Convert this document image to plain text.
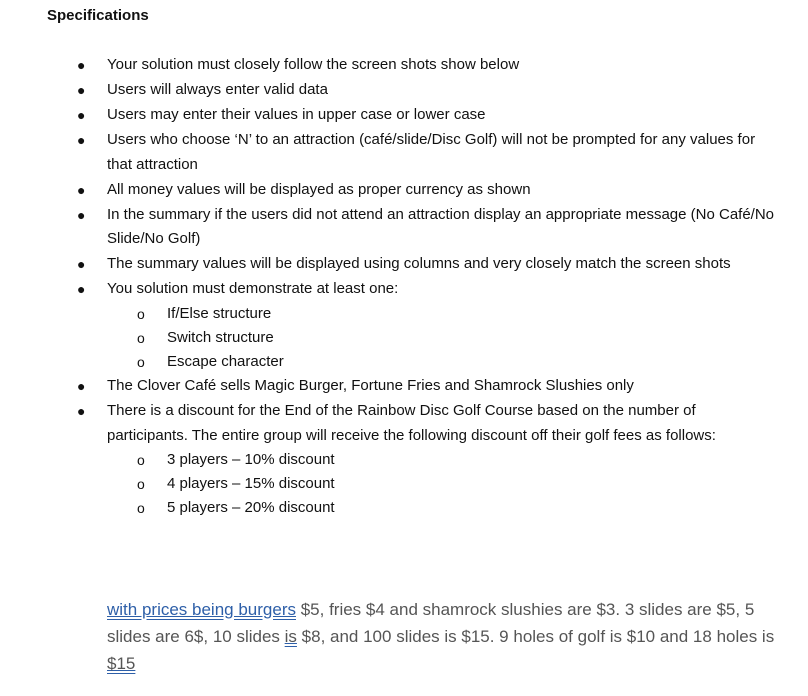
Specifications
● Your solution must closely follow the screen shots show below
● Users will always enter valid data
● Users may enter their values in upper case or lower case
● Users who choose ‘N’ to an attraction (café/slide/Disc Golf) will not be prompted for any values for that attraction
● All money values will be displayed as proper currency as shown
● In the summary if the users did not attend an attraction display an appropriate message (No Café/No Slide/No Golf)
● The summary values will be displayed using columns and very closely match the screen shots
● You solution must demonstrate at least one:
o If/Else structure
o Switch structure
o Escape character
● The Clover Café sells Magic Burger, Fortune Fries and Shamrock Slushies only
● There is a discount for the End of the Rainbow Disc Golf Course based on the number of participants. The entire group will receive the following discount off their golf fees as follows:
o 3 players – 10% discount
o 4 players – 15% discount
o 5 players – 20% discount

with prices being burgers $5, fries $4 and shamrock slushies are $3. 3 slides are $5, 5 slides are 6$, 10 slides is $8, and 100 slides is $15. 9 holes of golf is $10 and 18 holes is $15
